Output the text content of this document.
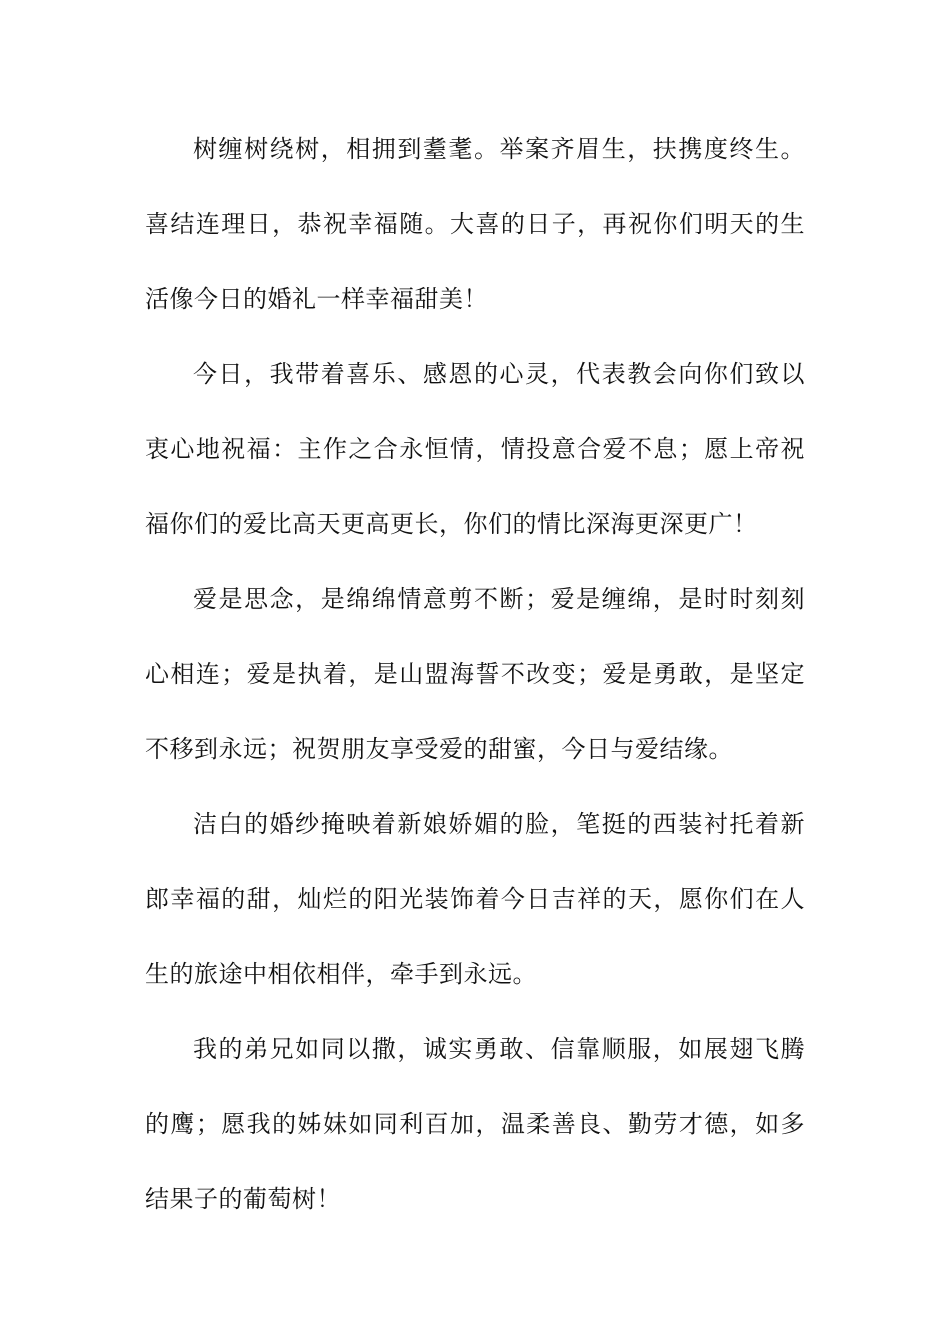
树缠树绕树，相拥到耋耄。举案齐眉生，扶携度终生。喜结连理日，恭祝幸福随。大喜的日子，再祝你们明天的生活像今日的婚礼一样幸福甜美！

今日，我带着喜乐、感恩的心灵，代表教会向你们致以衷心地祝福：主作之合永恒情，情投意合爱不息；愿上帝祝福你们的爱比高天更高更长，你们的情比深海更深更广！

爱是思念，是绵绵情意剪不断；爱是缠绵，是时时刻刻心相连；爱是执着，是山盟海誓不改变；爱是勇敢，是坚定不移到永远；祝贺朋友享受爱的甜蜜，今日与爱结缘。

洁白的婚纱掩映着新娘娇媚的脸，笔挺的西装衬托着新郎幸福的甜，灿烂的阳光装饰着今日吉祥的天，愿你们在人生的旅途中相依相伴，牵手到永远。

我的弟兄如同以撒，诚实勇敢、信靠顺服，如展翅飞腾的鹰；愿我的姊妹如同利百加，温柔善良、勤劳才德，如多结果子的葡萄树！
